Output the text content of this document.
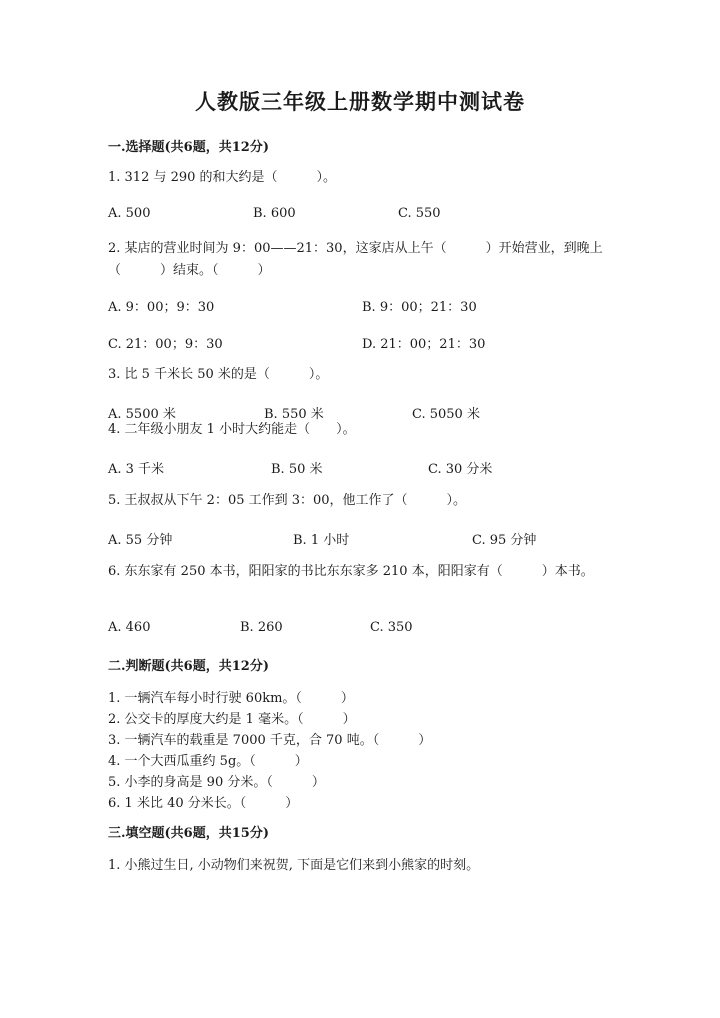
人教版三年级上册数学期中测试卷
一.选择题(共6题，共12分)
1. 312 与 290 的和大约是（　　　）。
A. 500	B. 600	C. 550
2. 某店的营业时间为 9：00——21：30，这家店从上午（　　　）开始营业，到晚上（　　　）结束。（　　　）
A. 9：00；9：30	B. 9：00；21：30
C. 21：00；9：30	D. 21：00；21：30
3. 比 5 千米长 50 米的是（　　　）。
A. 5500 米	B. 550 米	C. 5050 米
4. 二年级小朋友 1 小时大约能走（　　）。
A. 3 千米	B. 50 米	C. 30 分米
5. 王叔叔从下午 2：05 工作到 3：00，他工作了（　　　）。
A. 55 分钟	B. 1 小时	C. 95 分钟
6. 东东家有 250 本书，阳阳家的书比东东家多 210 本，阳阳家有（　　　）本书。
A. 460	B. 260	C. 350
二.判断题(共6题，共12分)
1. 一辆汽车每小时行驶 60km。（　　　）
2. 公交卡的厚度大约是 1 毫米。（　　　）
3. 一辆汽车的载重是 7000 千克，合 70 吨。（　　　）
4. 一个大西瓜重约 5g。（　　　）
5. 小李的身高是 90 分米。（　　　）
6. 1 米比 40 分米长。（　　　）
三.填空题(共6题，共15分)
1. 小熊过生日, 小动物们来祝贺, 下面是它们来到小熊家的时刻。
